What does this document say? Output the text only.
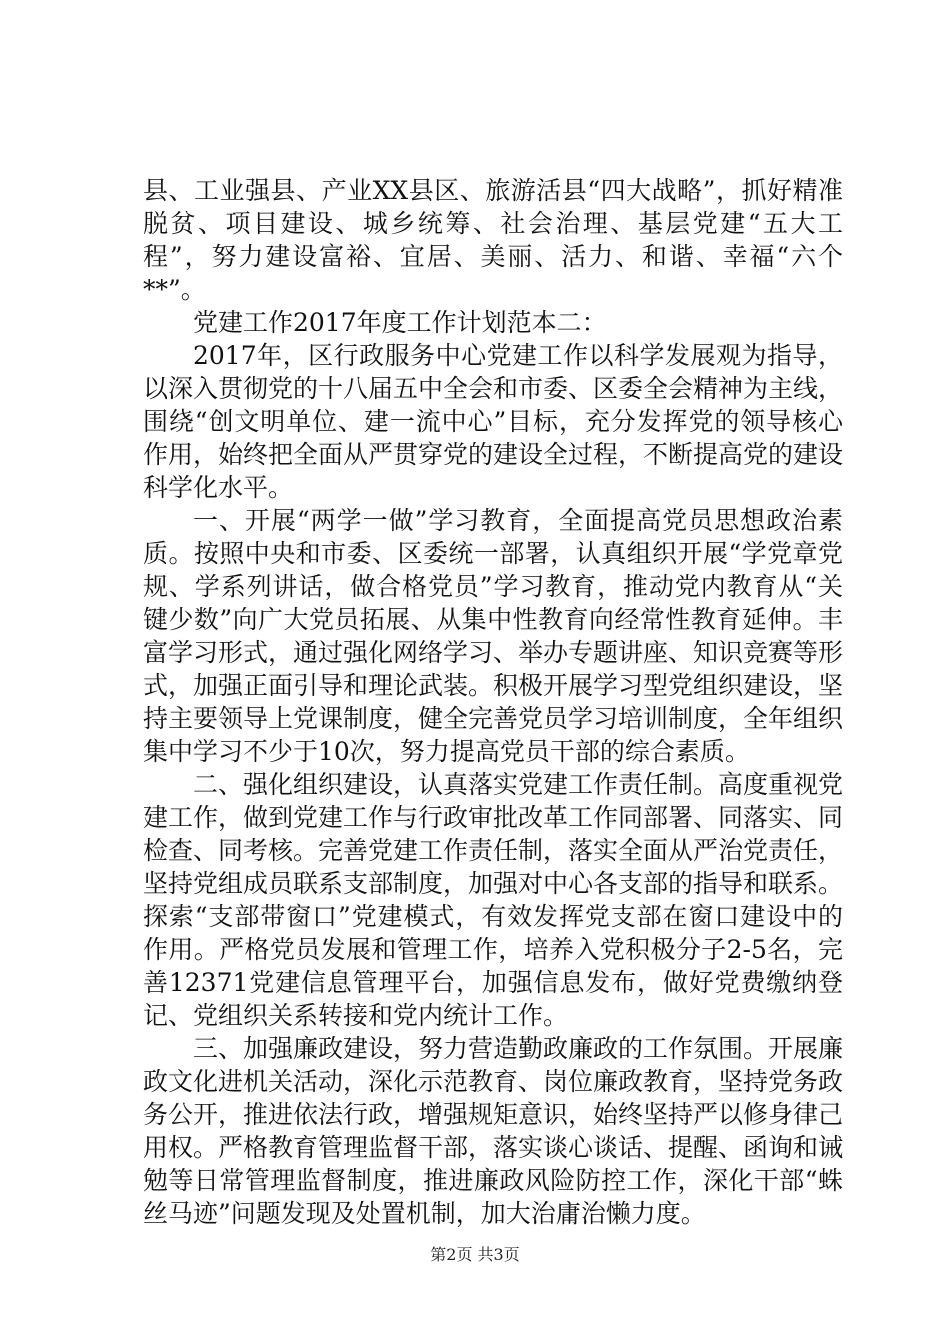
县、工业强县、产业XX县区、旅游活县“四大战略”，抓好精准脱贫、项目建设、城乡统筹、社会治理、基层党建“五大工程”，努力建设富裕、宜居、美丽、活力、和谐、幸福“六个**”。

党建工作2017年度工作计划范本二：

2017年，区行政服务中心党建工作以科学发展观为指导，以深入贯彻党的十八届五中全会和市委、区委全会精神为主线，围绕“创文明单位、建一流中心”目标，充分发挥党的领导核心作用，始终把全面从严贯穿党的建设全过程，不断提高党的建设科学化水平。

一、开展“两学一做”学习教育，全面提高党员思想政治素质。按照中央和市委、区委统一部署，认真组织开展“学党章党规、学系列讲话，做合格党员”学习教育，推动党内教育从“关键少数”向广大党员拓展、从集中性教育向经常性教育延伸。丰富学习形式，通过强化网络学习、举办专题讲座、知识竞赛等形式，加强正面引导和理论武装。积极开展学习型党组织建设，坚持主要领导上党课制度，健全完善党员学习培训制度，全年组织集中学习不少于10次，努力提高党员干部的综合素质。

二、强化组织建设，认真落实党建工作责任制。高度重视党建工作，做到党建工作与行政审批改革工作同部署、同落实、同检查、同考核。完善党建工作责任制，落实全面从严治党责任，坚持党组成员联系支部制度，加强对中心各支部的指导和联系。探索“支部带窗口”党建模式，有效发挥党支部在窗口建设中的作用。严格党员发展和管理工作，培养入党积极分子2-5名，完善12371党建信息管理平台，加强信息发布，做好党费缴纳登记、党组织关系转接和党内统计工作。

三、加强廉政建设，努力营造勤政廉政的工作氛围。开展廉政文化进机关活动，深化示范教育、岗位廉政教育，坚持党务政务公开，推进依法行政，增强规矩意识，始终坚持严以修身律己用权。严格教育管理监督干部，落实谈心谈话、提醒、函询和诫勉等日常管理监督制度，推进廉政风险防控工作，深化干部“蛛丝马迹”问题发现及处置机制，加大治庸治懒力度。

第2页 共3页
